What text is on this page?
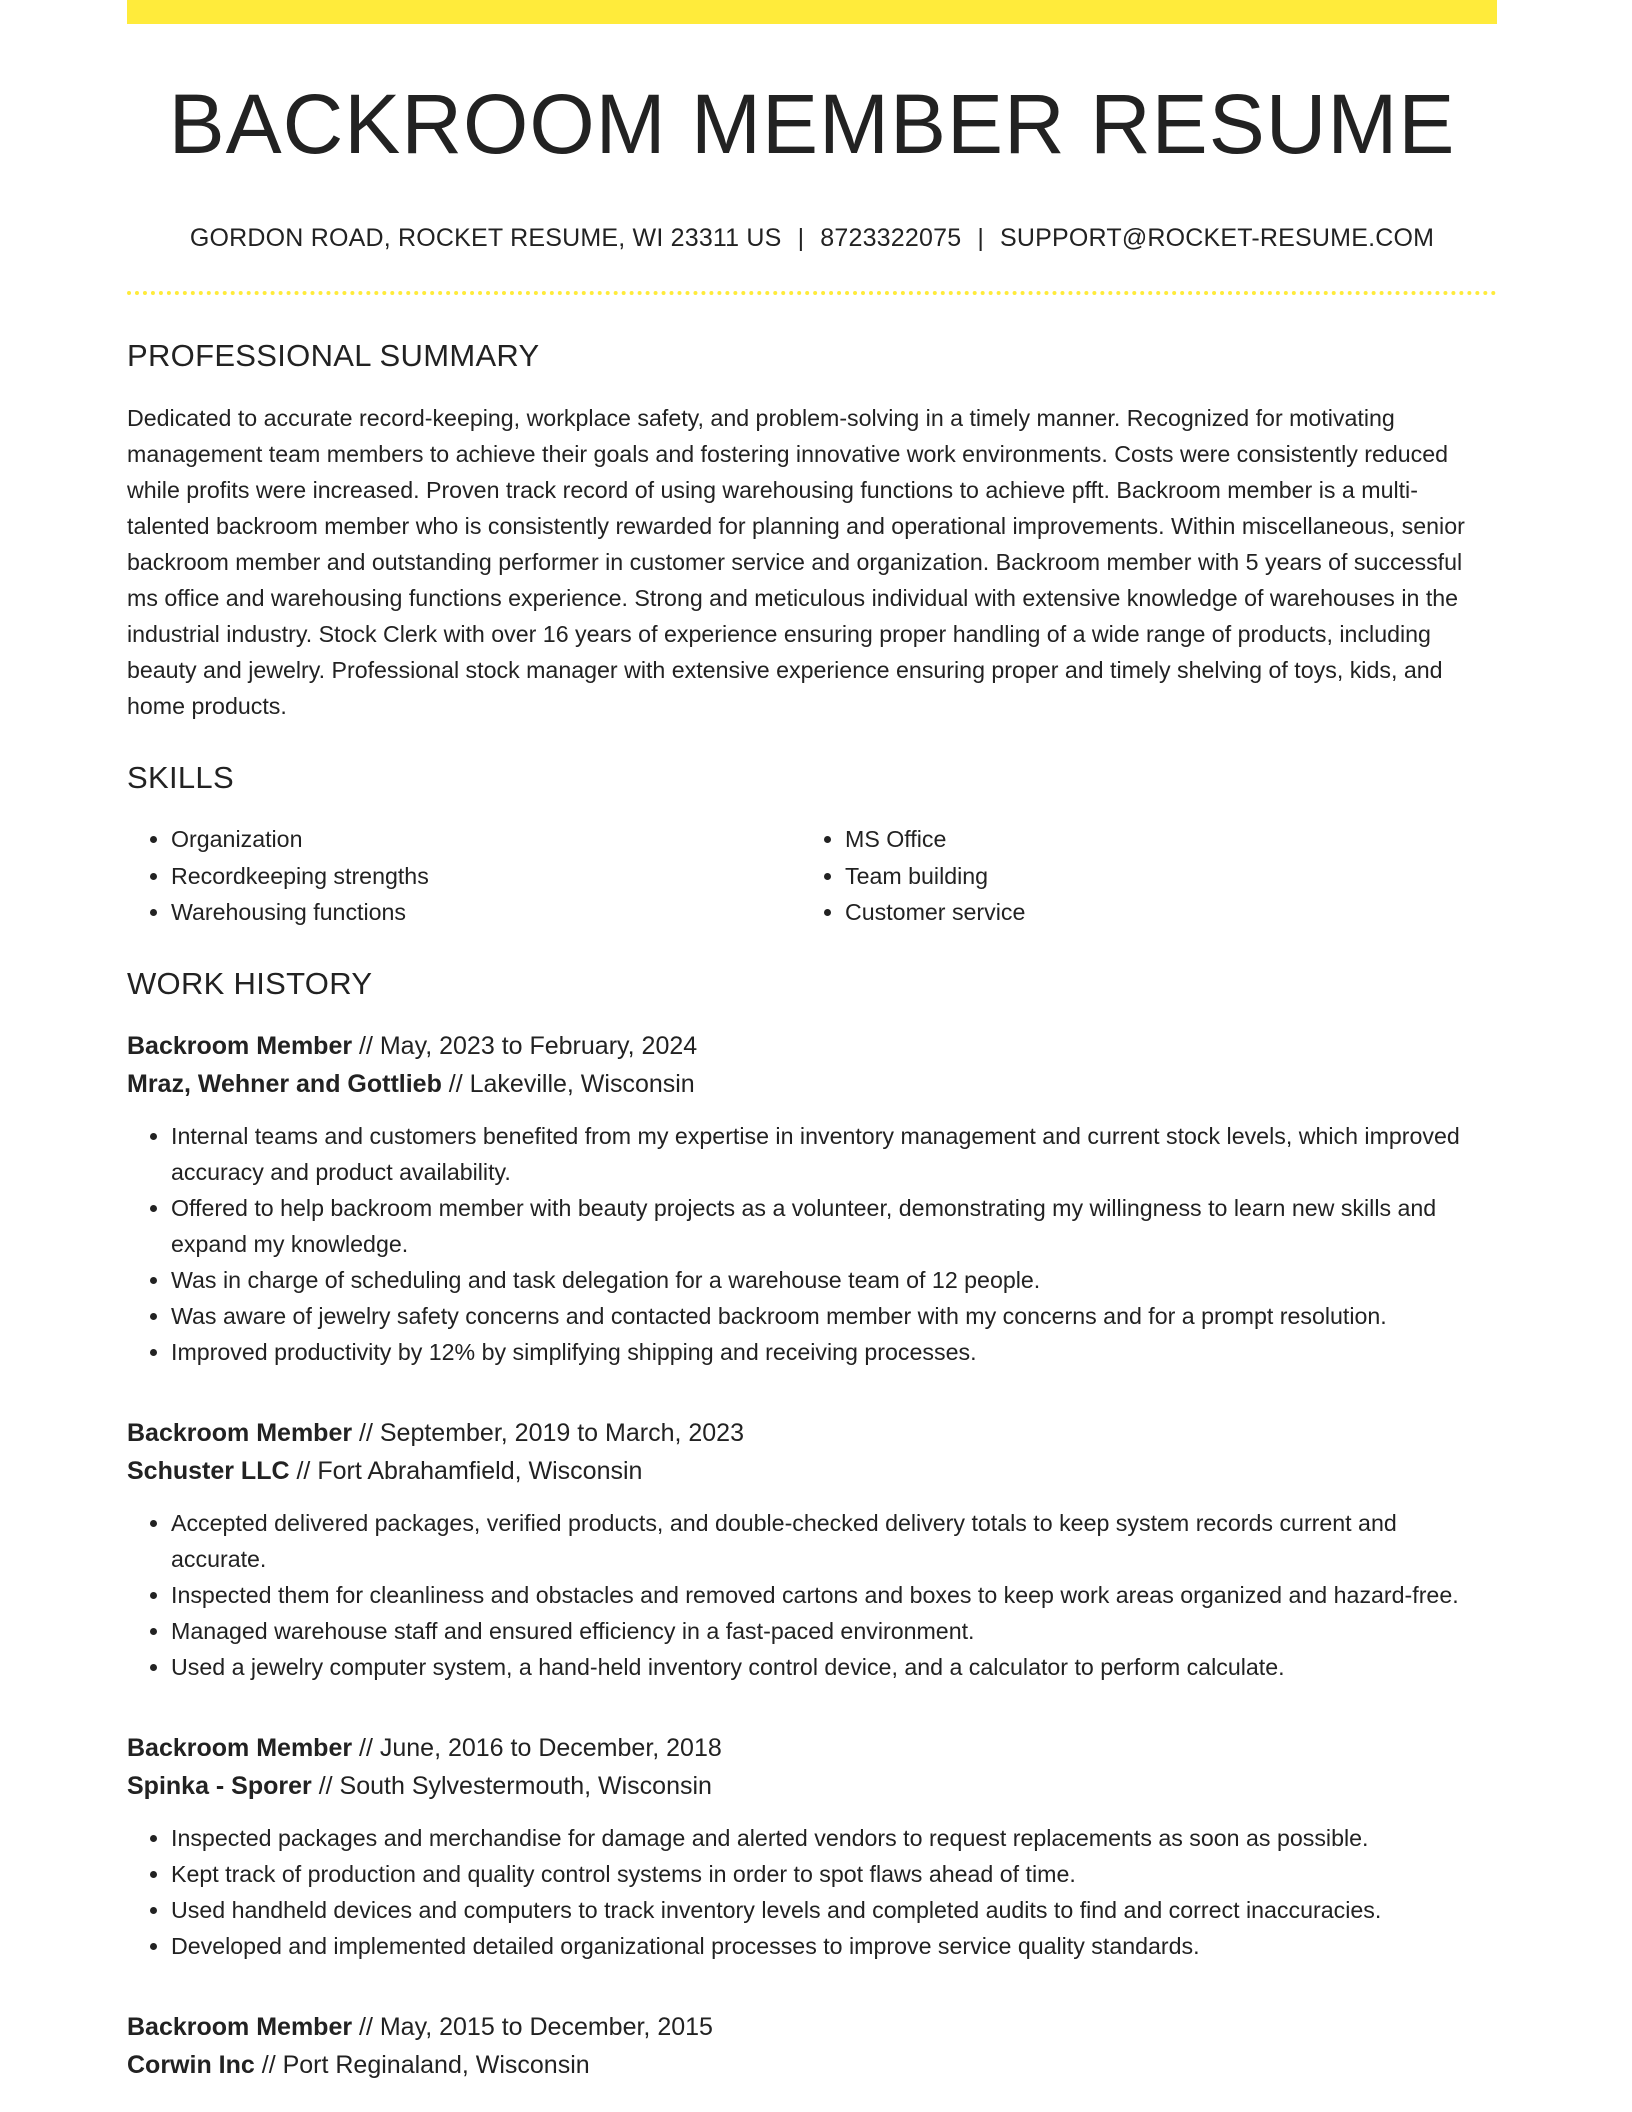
BACKROOM MEMBER RESUME
GORDON ROAD, ROCKET RESUME, WI 23311 US | 8723322075 | SUPPORT@ROCKET-RESUME.COM
PROFESSIONAL SUMMARY

Dedicated to accurate record-keeping, workplace safety, and problem-solving in a timely manner. Recognized for motivating management team members to achieve their goals and fostering innovative work environments. Costs were consistently reduced while profits were increased. Proven track record of using warehousing functions to achieve pfft. Backroom member is a multi-talented backroom member who is consistently rewarded for planning and operational improvements. Within miscellaneous, senior backroom member and outstanding performer in customer service and organization. Backroom member with 5 years of successful ms office and warehousing functions experience. Strong and meticulous individual with extensive knowledge of warehouses in the industrial industry. Stock Clerk with over 16 years of experience ensuring proper handling of a wide range of products, including beauty and jewelry. Professional stock manager with extensive experience ensuring proper and timely shelving of toys, kids, and home products.

SKILLS
• Organization
• Recordkeeping strengths
• Warehousing functions
• MS Office
• Team building
• Customer service
WORK HISTORY
Backroom Member // May, 2023 to February, 2024
Mraz, Wehner and Gottlieb // Lakeville, Wisconsin
• Internal teams and customers benefited from my expertise in inventory management and current stock levels, which improved accuracy and product availability.
• Offered to help backroom member with beauty projects as a volunteer, demonstrating my willingness to learn new skills and expand my knowledge.
• Was in charge of scheduling and task delegation for a warehouse team of 12 people.
• Was aware of jewelry safety concerns and contacted backroom member with my concerns and for a prompt resolution.
• Improved productivity by 12% by simplifying shipping and receiving processes.
Backroom Member // September, 2019 to March, 2023
Schuster LLC // Fort Abrahamfield, Wisconsin
• Accepted delivered packages, verified products, and double-checked delivery totals to keep system records current and accurate.
• Inspected them for cleanliness and obstacles and removed cartons and boxes to keep work areas organized and hazard-free.
• Managed warehouse staff and ensured efficiency in a fast-paced environment.
• Used a jewelry computer system, a hand-held inventory control device, and a calculator to perform calculate.
Backroom Member // June, 2016 to December, 2018
Spinka - Sporer // South Sylvestermouth, Wisconsin
• Inspected packages and merchandise for damage and alerted vendors to request replacements as soon as possible.
• Kept track of production and quality control systems in order to spot flaws ahead of time.
• Used handheld devices and computers to track inventory levels and completed audits to find and correct inaccuracies.
• Developed and implemented detailed organizational processes to improve service quality standards.
Backroom Member // May, 2015 to December, 2015
Corwin Inc // Port Reginaland, Wisconsin
